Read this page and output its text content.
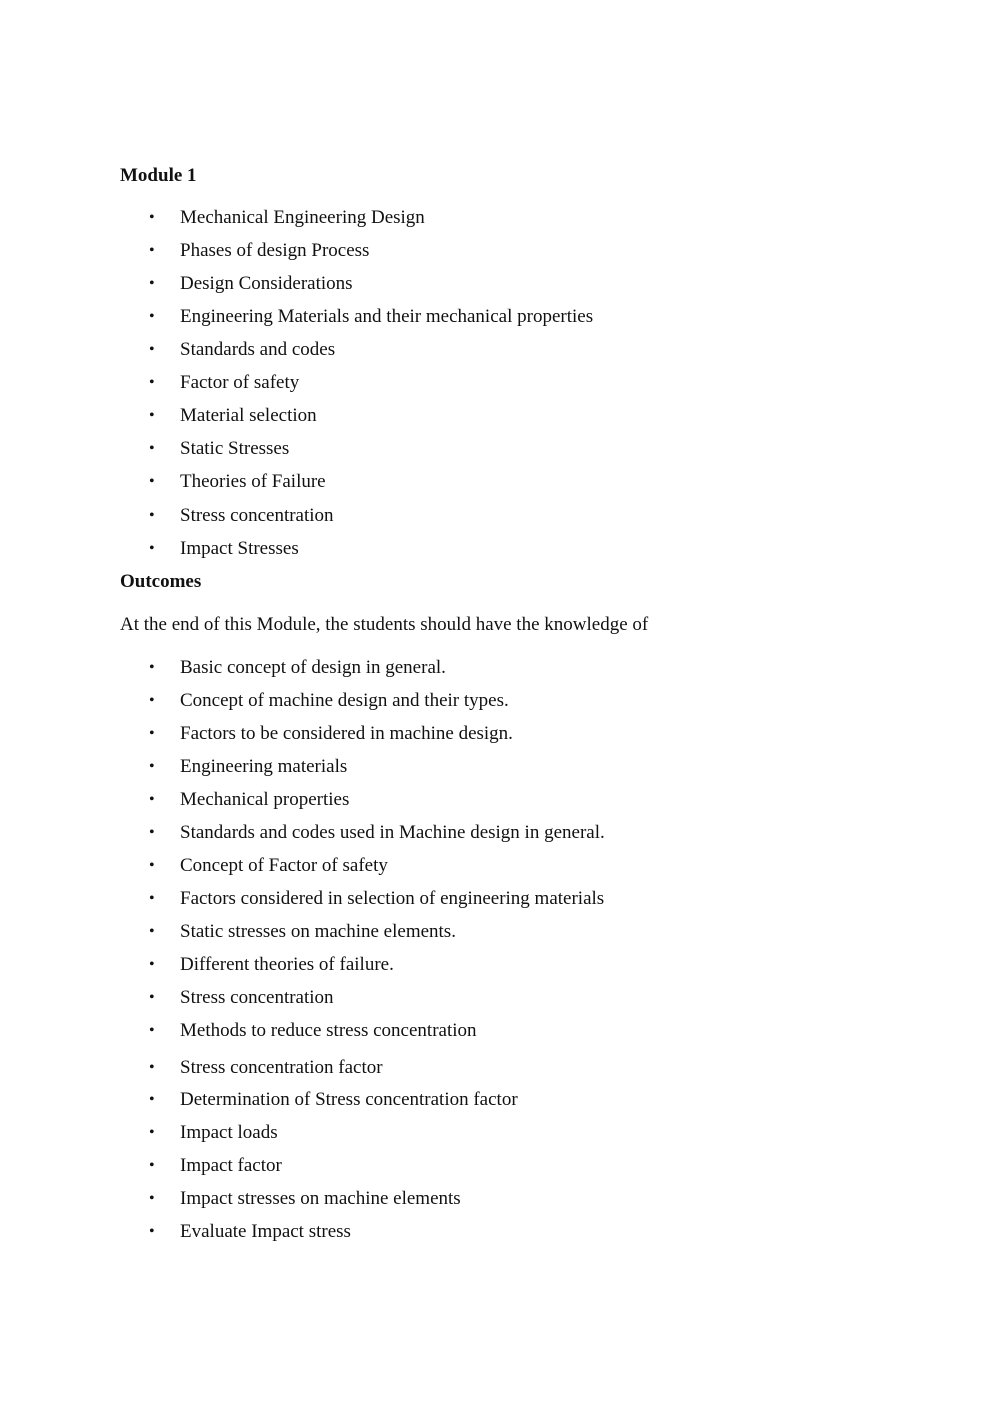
Module 1
• Mechanical Engineering Design
• Phases of design Process
• Design Considerations
• Engineering Materials and their mechanical properties
• Standards and codes
• Factor of safety
• Material selection
• Static Stresses
• Theories of Failure
• Stress concentration
• Impact Stresses
Outcomes
At the end of this Module, the students should have the knowledge of
• Basic concept of design in general.
• Concept of machine design and their types.
• Factors to be considered in machine design.
• Engineering materials
• Mechanical properties
• Standards and codes used in Machine design in general.
• Concept of Factor of safety
• Factors considered in selection of engineering materials
• Static stresses on machine elements.
• Different theories of failure.
• Stress concentration
• Methods to reduce stress concentration
• Stress concentration factor
• Determination of Stress concentration factor
• Impact loads
• Impact factor
• Impact stresses on machine elements
• Evaluate Impact stress
